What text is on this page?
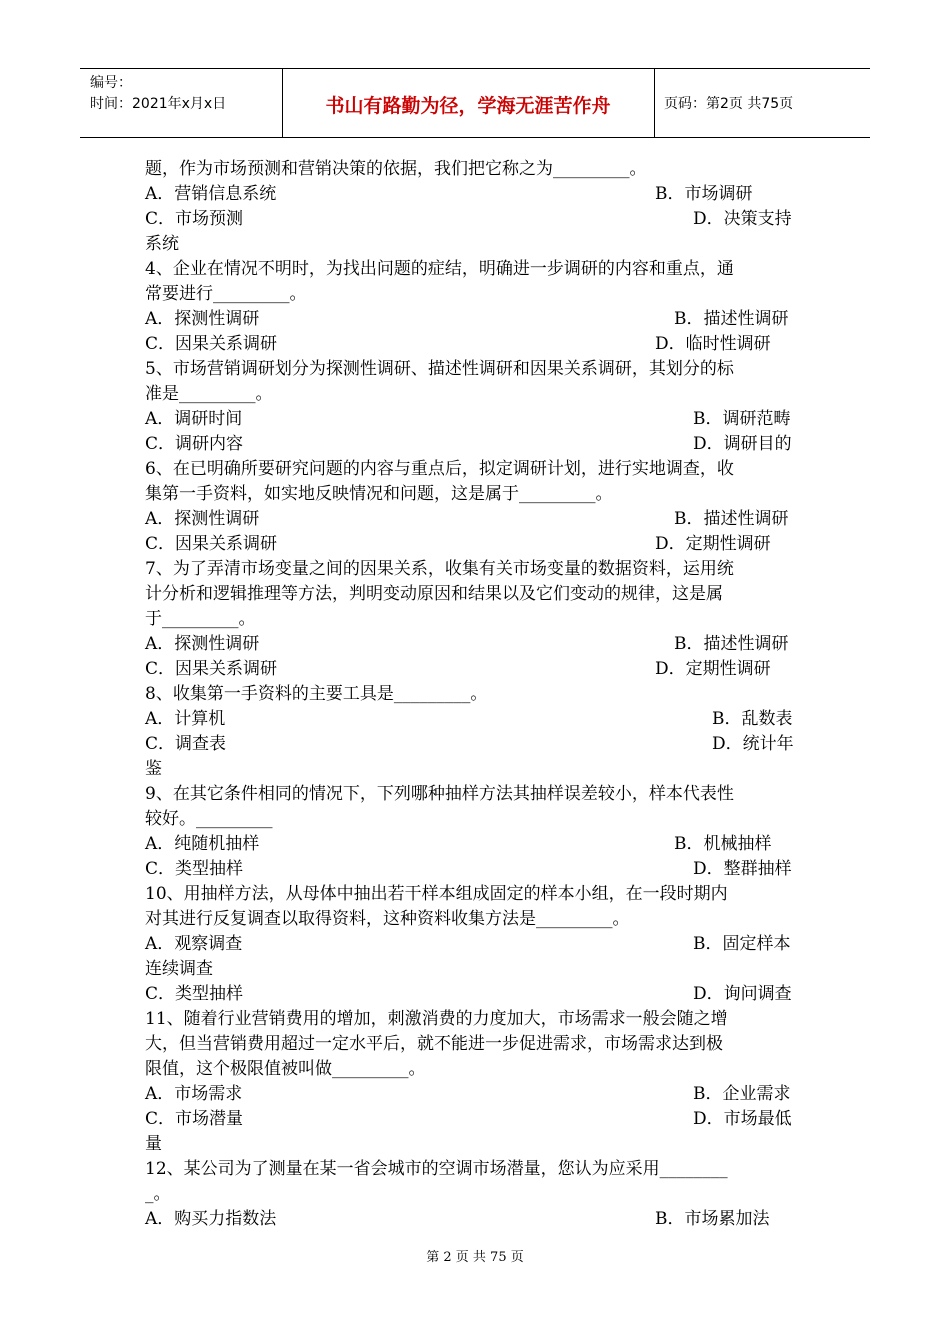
编号：
时间：2021年x月x日	书山有路勤为径，学海无涯苦作舟	页码：第2页 共75页
题，作为市场预测和营销决策的依据，我们把它称之为_________。
A．营销信息系统	B．市场调研
C．市场预测	D．决策支持
系统
4、企业在情况不明时，为找出问题的症结，明确进一步调研的内容和重点，通
常要进行_________。
A．探测性调研	B．描述性调研
C．因果关系调研	D．临时性调研
5、市场营销调研划分为探测性调研、描述性调研和因果关系调研，其划分的标
准是_________。
A．调研时间	B．调研范畴
C．调研内容	D．调研目的
6、在已明确所要研究问题的内容与重点后，拟定调研计划，进行实地调查，收
集第一手资料，如实地反映情况和问题，这是属于_________。
A．探测性调研	B．描述性调研
C．因果关系调研	D．定期性调研
7、为了弄清市场变量之间的因果关系，收集有关市场变量的数据资料，运用统
计分析和逻辑推理等方法，判明变动原因和结果以及它们变动的规律，这是属
于_________。
A．探测性调研	B．描述性调研
C．因果关系调研	D．定期性调研
8、收集第一手资料的主要工具是_________。
A．计算机	B．乱数表
C．调查表	D．统计年
鉴
9、在其它条件相同的情况下，下列哪种抽样方法其抽样误差较小，样本代表性
较好。_________
A．纯随机抽样	B．机械抽样
C．类型抽样	D．整群抽样
10、用抽样方法，从母体中抽出若干样本组成固定的样本小组，在一段时期内
对其进行反复调查以取得资料，这种资料收集方法是_________。
A．观察调查	B．固定样本
连续调查
C．类型抽样	D．询问调查
11、随着行业营销费用的增加，刺激消费的力度加大，市场需求一般会随之增
大，但当营销费用超过一定水平后，就不能进一步促进需求，市场需求达到极
限值，这个极限值被叫做_________。
A．市场需求	B．企业需求
C．市场潜量	D．市场最低
量
12、某公司为了测量在某一省会城市的空调市场潜量，您认为应采用________
_。
A．购买力指数法	B．市场累加法
第 2 页 共 75 页
